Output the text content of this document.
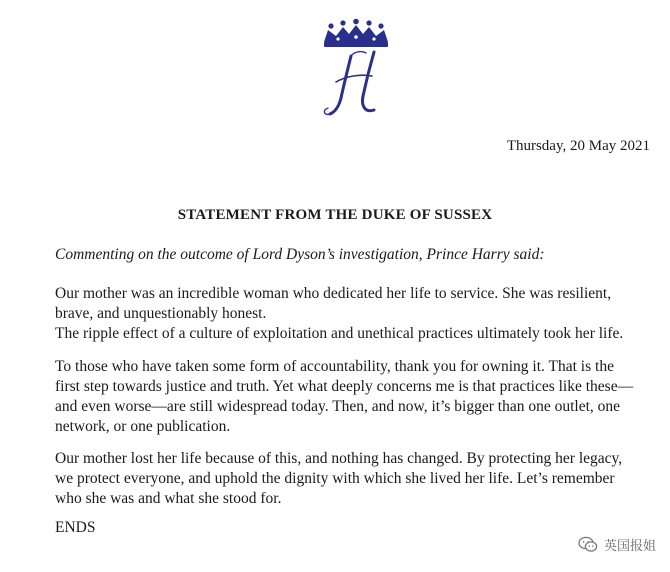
Thursday, 20 May 2021
STATEMENT FROM THE DUKE OF SUSSEX
Commenting on the outcome of Lord Dyson’s investigation, Prince Harry said:
Our mother was an incredible woman who dedicated her life to service. She was resilient,
brave, and unquestionably honest.
The ripple effect of a culture of exploitation and unethical practices ultimately took her life.
To those who have taken some form of accountability, thank you for owning it. That is the
first step towards justice and truth. Yet what deeply concerns me is that practices like these—
and even worse—are still widespread today. Then, and now, it’s bigger than one outlet, one
network, or one publication.
Our mother lost her life because of this, and nothing has changed. By protecting her legacy,
we protect everyone, and uphold the dignity with which she lived her life. Let’s remember
who she was and what she stood for.
ENDS
英国报姐
